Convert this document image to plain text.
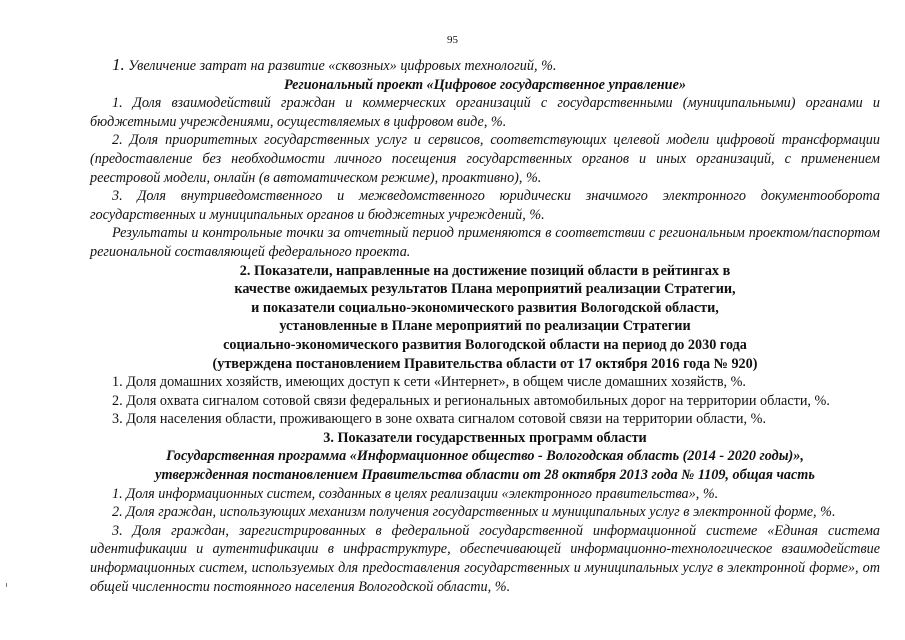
95

1. Увеличение затрат на развитие «сквозных» цифровых технологий, %.

Региональный проект «Цифровое государственное управление»

1. Доля взаимодействий граждан и коммерческих организаций с государственными (муниципальными) органами и бюджетными учреждениями, осуществляемых в цифровом виде, %.

2. Доля приоритетных государственных услуг и сервисов, соответствующих целевой модели цифровой трансформации (предоставление без необходимости личного посещения государственных органов и иных организаций, с применением реестровой модели, онлайн (в автоматическом режиме), проактивно), %.

3. Доля внутриведомственного и межведомственного юридически значимого электронного документооборота государственных и муниципальных органов и бюджетных учреждений, %.

Результаты и контрольные точки за отчетный период применяются в соответствии с региональным проектом/паспортом региональной составляющей федерального проекта.

2. Показатели, направленные на достижение позиций области в рейтингах в

качестве ожидаемых результатов Плана мероприятий реализации Стратегии,

и показатели социально-экономического развития Вологодской области,

установленные в Плане мероприятий по реализации Стратегии

социально-экономического развития Вологодской области на период до 2030 года

(утверждена постановлением Правительства области от 17 октября 2016 года № 920)

1. Доля домашних хозяйств, имеющих доступ к сети «Интернет», в общем числе домашних хозяйств, %.

2. Доля охвата сигналом сотовой связи федеральных и региональных автомобильных дорог на территории области, %.

3. Доля населения области, проживающего в зоне охвата сигналом сотовой связи на территории области, %.

3. Показатели государственных программ области

Государственная программа «Информационное общество - Вологодская область (2014 - 2020 годы)»,

утвержденная постановлением Правительства области от 28 октября 2013 года № 1109, общая часть

1. Доля информационных систем, созданных в целях реализации «электронного правительства», %.

2. Доля граждан, использующих механизм получения государственных и муниципальных услуг в электронной форме, %.

3. Доля граждан, зарегистрированных в федеральной государственной информационной системе «Единая система идентификации и аутентификации в инфраструктуре, обеспечивающей информационно-технологическое взаимодействие информационных систем, используемых для предоставления государственных и муниципальных услуг в электронной форме», от общей численности постоянного населения Вологодской области, %.
